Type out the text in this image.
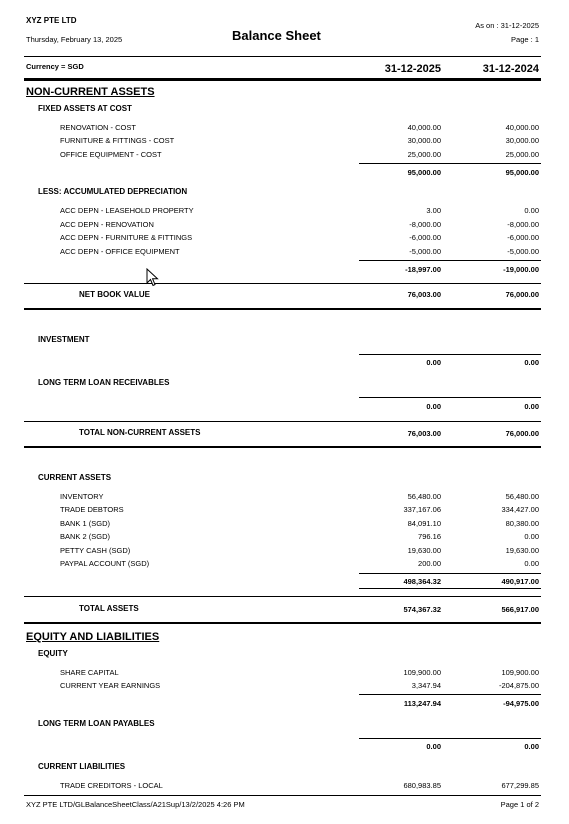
XYZ PTE LTD
Thursday, February 13, 2025	Balance Sheet
As on : 31-12-2025
Page : 1
Currency = SGD	31-12-2025	31-12-2024
NON-CURRENT ASSETS
FIXED ASSETS AT COST
RENOVATION - COST	40,000.00	40,000.00
FURNITURE & FITTINGS - COST	30,000.00	30,000.00
OFFICE EQUIPMENT - COST	25,000.00	25,000.00
95,000.00	95,000.00
LESS: ACCUMULATED DEPRECIATION
ACC DEPN - LEASEHOLD PROPERTY	3.00	0.00
ACC DEPN - RENOVATION	-8,000.00	-8,000.00
ACC DEPN - FURNITURE & FITTINGS	-6,000.00	-6,000.00
ACC DEPN - OFFICE EQUIPMENT	-5,000.00	-5,000.00
-18,997.00	-19,000.00
NET BOOK VALUE	76,003.00	76,000.00
INVESTMENT
0.00	0.00
LONG TERM LOAN RECEIVABLES
0.00	0.00
TOTAL NON-CURRENT ASSETS	76,003.00	76,000.00
CURRENT ASSETS
INVENTORY	56,480.00	56,480.00
TRADE DEBTORS	337,167.06	334,427.00
BANK 1 (SGD)	84,091.10	80,380.00
BANK 2 (SGD)	796.16	0.00
PETTY CASH (SGD)	19,630.00	19,630.00
PAYPAL ACCOUNT (SGD)	200.00	0.00
498,364.32	490,917.00
TOTAL ASSETS	574,367.32	566,917.00
EQUITY AND LIABILITIES
EQUITY
SHARE CAPITAL	109,900.00	109,900.00
CURRENT YEAR EARNINGS	3,347.94	-204,875.00
113,247.94	-94,975.00
LONG TERM LOAN PAYABLES
0.00	0.00
CURRENT LIABILITIES
TRADE CREDITORS - LOCAL	680,983.85	677,299.85
XYZ PTE LTD/GLBalanceSheetClass/A21Sup/13/2/2025 4:26 PM	Page 1 of 2
